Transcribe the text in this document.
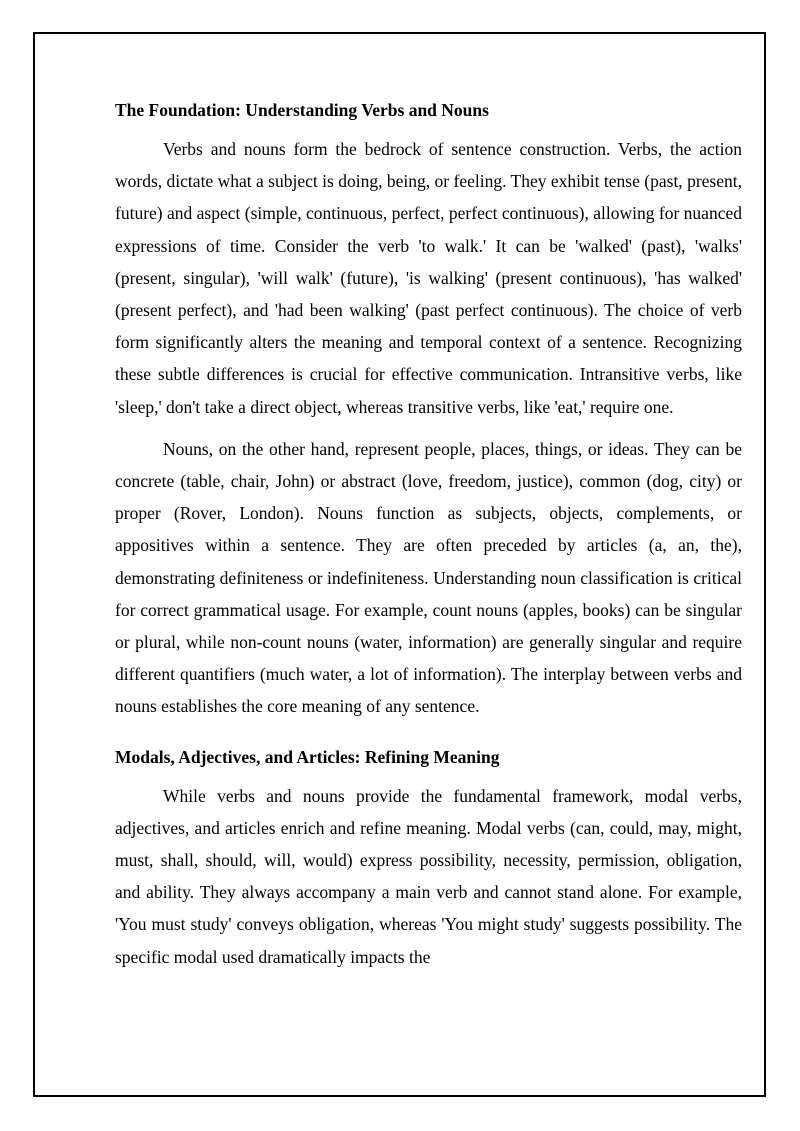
The Foundation: Understanding Verbs and Nouns

Verbs and nouns form the bedrock of sentence construction. Verbs, the action words, dictate what a subject is doing, being, or feeling. They exhibit tense (past, present, future) and aspect (simple, continuous, perfect, perfect continuous), allowing for nuanced expressions of time. Consider the verb 'to walk.' It can be 'walked' (past), 'walks' (present, singular), 'will walk' (future), 'is walking' (present continuous), 'has walked' (present perfect), and 'had been walking' (past perfect continuous). The choice of verb form significantly alters the meaning and temporal context of a sentence. Recognizing these subtle differences is crucial for effective communication. Intransitive verbs, like 'sleep,' don't take a direct object, whereas transitive verbs, like 'eat,' require one.

Nouns, on the other hand, represent people, places, things, or ideas. They can be concrete (table, chair, John) or abstract (love, freedom, justice), common (dog, city) or proper (Rover, London). Nouns function as subjects, objects, complements, or appositives within a sentence. They are often preceded by articles (a, an, the), demonstrating definiteness or indefiniteness. Understanding noun classification is critical for correct grammatical usage. For example, count nouns (apples, books) can be singular or plural, while non-count nouns (water, information) are generally singular and require different quantifiers (much water, a lot of information). The interplay between verbs and nouns establishes the core meaning of any sentence.

Modals, Adjectives, and Articles: Refining Meaning

While verbs and nouns provide the fundamental framework, modal verbs, adjectives, and articles enrich and refine meaning. Modal verbs (can, could, may, might, must, shall, should, will, would) express possibility, necessity, permission, obligation, and ability. They always accompany a main verb and cannot stand alone. For example, 'You must study' conveys obligation, whereas 'You might study' suggests possibility. The specific modal used dramatically impacts the
